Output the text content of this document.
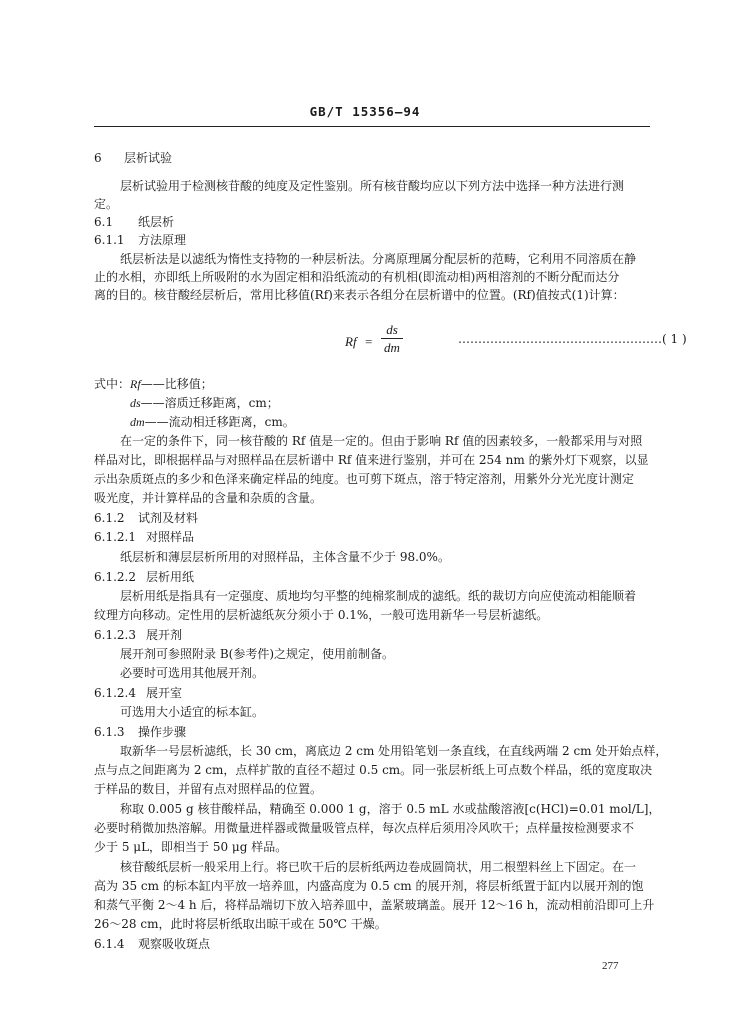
GB/T 15356—94
6 层析试验
层析试验用于检测核苷酸的纯度及定性鉴别。所有核苷酸均应以下列方法中选择一种方法进行测
定。
6.1 纸层析
6.1.1 方法原理
纸层析法是以滤纸为惰性支持物的一种层析法。分离原理属分配层析的范畴，它利用不同溶质在静
止的水相，亦即纸上所吸附的水为固定相和沿纸流动的有机相(即流动相)两相溶剂的不断分配而达分
离的目的。核苷酸经层析后，常用比移值(Rf)来表示各组分在层析谱中的位置。(Rf)值按式(1)计算：
Rf =
ds
dm
……………………………………………( 1 )
式中：Rf——比移值；
ds——溶质迁移距离，cm；
dm——流动相迁移距离，cm。
在一定的条件下，同一核苷酸的 Rf 值是一定的。但由于影响 Rf 值的因素较多，一般都采用与对照
样品对比，即根据样品与对照样品在层析谱中 Rf 值来进行鉴别，并可在 254 nm 的紫外灯下观察，以显
示出杂质斑点的多少和色泽来确定样品的纯度。也可剪下斑点，溶于特定溶剂，用紫外分光光度计测定
吸光度，并计算样品的含量和杂质的含量。
6.1.2 试剂及材料
6.1.2.1 对照样品
纸层析和薄层层析所用的对照样品，主体含量不少于 98.0%。
6.1.2.2 层析用纸
层析用纸是指具有一定强度、质地均匀平整的纯棉浆制成的滤纸。纸的裁切方向应使流动相能顺着
纹理方向移动。定性用的层析滤纸灰分须小于 0.1%，一般可选用新华一号层析滤纸。
6.1.2.3 展开剂
展开剂可参照附录 B(参考件)之规定，使用前制备。
必要时可选用其他展开剂。
6.1.2.4 展开室
可选用大小适宜的标本缸。
6.1.3 操作步骤
取新华一号层析滤纸，长 30 cm，离底边 2 cm 处用铅笔划一条直线，在直线两端 2 cm 处开始点样，
点与点之间距离为 2 cm，点样扩散的直径不超过 0.5 cm。同一张层析纸上可点数个样品，纸的宽度取决
于样品的数目，并留有点对照样品的位置。
称取 0.005 g 核苷酸样品，精确至 0.000 1 g，溶于 0.5 mL 水或盐酸溶液[c(HCl)=0.01 mol/L]，
必要时稍微加热溶解。用微量进样器或微量吸管点样，每次点样后须用冷风吹干；点样量按检测要求不
少于 5 μL，即相当于 50 μg 样品。
核苷酸纸层析一般采用上行。将已吹干后的层析纸两边卷成圆筒状，用二根塑料丝上下固定。在一
高为 35 cm 的标本缸内平放一培养皿，内盛高度为 0.5 cm 的展开剂，将层析纸置于缸内以展开剂的饱
和蒸气平衡 2～4 h 后，将样品端切下放入培养皿中，盖紧玻璃盖。展开 12～16 h，流动相前沿即可上升
26～28 cm，此时将层析纸取出晾干或在 50℃ 干燥。
6.1.4 观察吸收斑点
277
